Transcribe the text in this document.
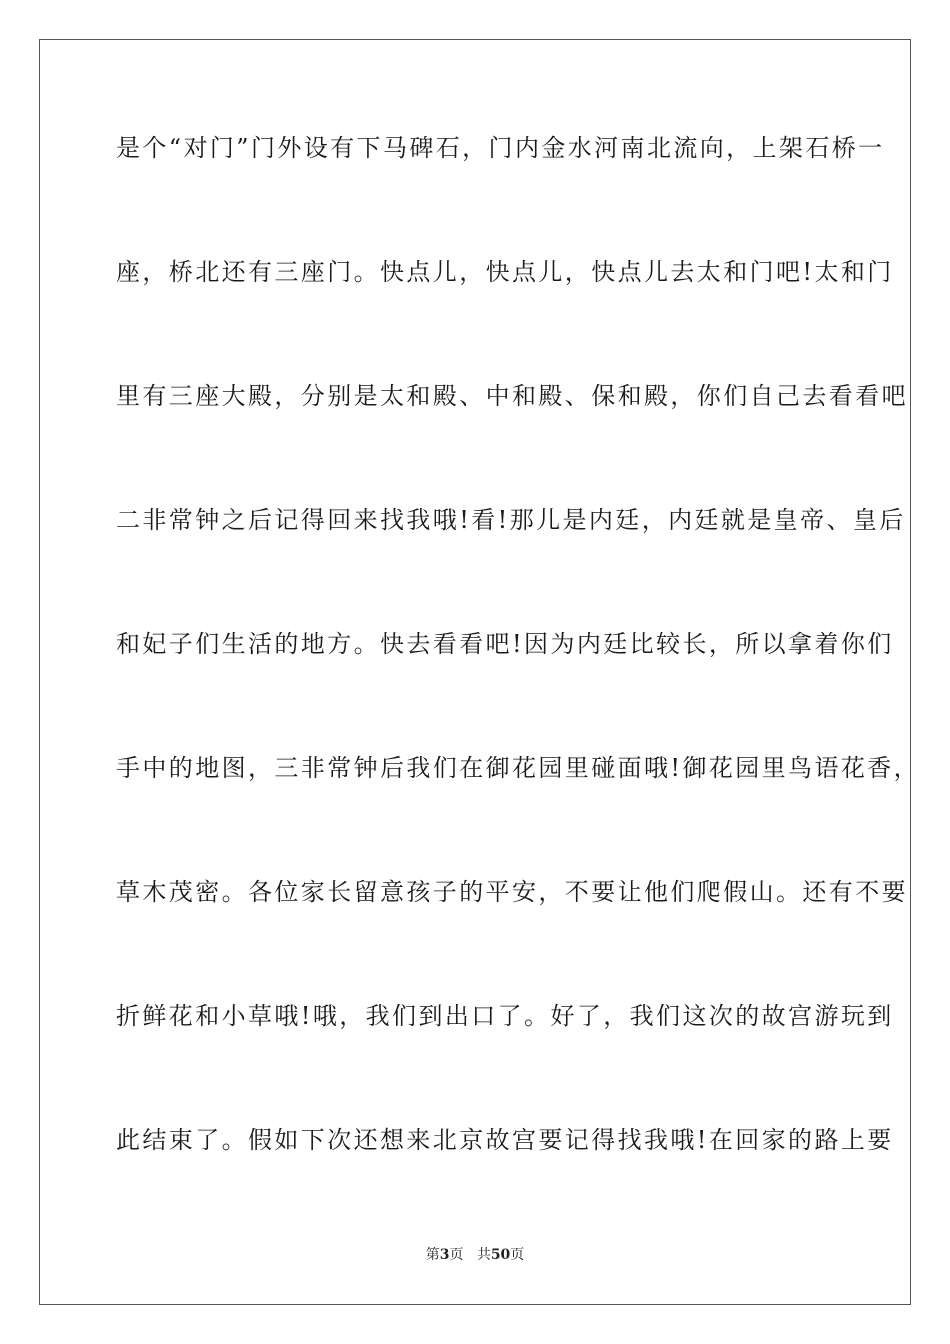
是个“对门”门外设有下马碑石，门内金水河南北流向，上架石桥一
座，桥北还有三座门。快点儿，快点儿，快点儿去太和门吧!太和门
里有三座大殿，分别是太和殿、中和殿、保和殿，你们自己去看看吧
二非常钟之后记得回来找我哦!看!那儿是内廷，内廷就是皇帝、皇后
和妃子们生活的地方。快去看看吧!因为内廷比较长，所以拿着你们
手中的地图，三非常钟后我们在御花园里碰面哦!御花园里鸟语花香，
草木茂密。各位家长留意孩子的平安，不要让他们爬假山。还有不要
折鲜花和小草哦!哦，我们到出口了。好了，我们这次的故宫游玩到
此结束了。假如下次还想来北京故宫要记得找我哦!在回家的路上要
第3页 共50页
